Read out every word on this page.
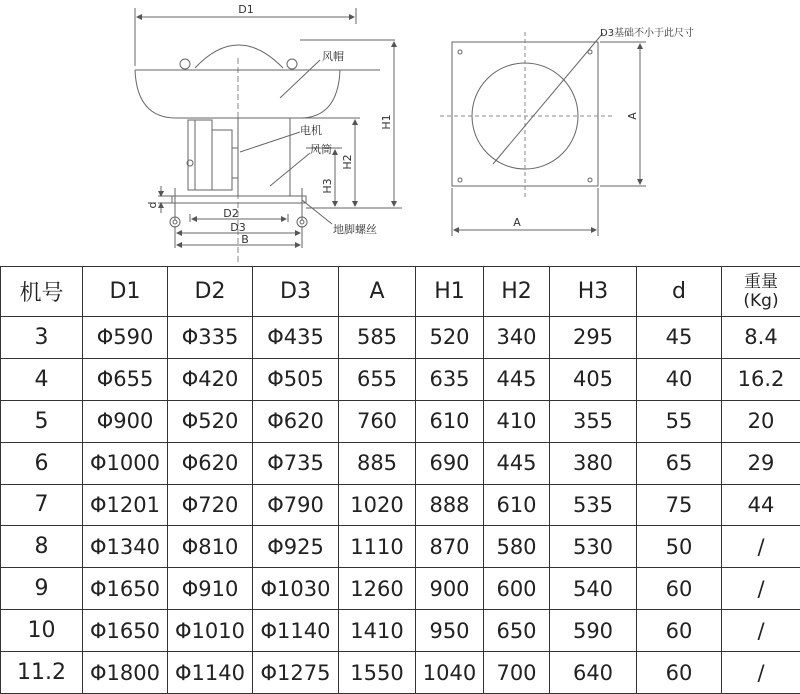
D1
H1
H2
H3
d
D2
D3
B
风帽
电机
风筒
地脚螺丝
A
A
D3基础不小于此尺寸
机号	D1	D2	D3	A	H1	H2	H3	d	重量
(Kg)

3	Φ590	Φ335	Φ435	585	520	340	295	45	8.4
4	Φ655	Φ420	Φ505	655	635	445	405	40	16.2
5	Φ900	Φ520	Φ620	760	610	410	355	55	20
6	Φ1000	Φ620	Φ735	885	690	445	380	65	29
7	Φ1201	Φ720	Φ790	1020	888	610	535	75	44
8	Φ1340	Φ810	Φ925	1110	870	580	530	50	/
9	Φ1650	Φ910	Φ1030	1260	900	600	540	60	/
10	Φ1650	Φ1010	Φ1140	1410	950	650	590	60	/
11.2	Φ1800	Φ1140	Φ1275	1550	1040	700	640	60	/
